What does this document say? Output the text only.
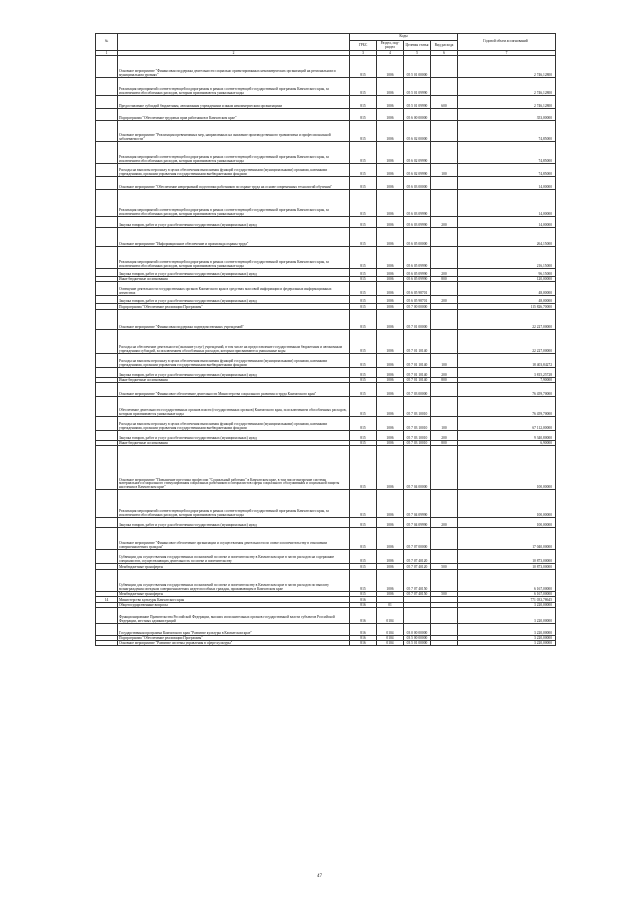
№		Коды				Годовой объем ассигнований
		ГРБС	Раздел, под-раздел	Целевая статья	Вид расхода	
1	2	3	4	5	6	7
	Основное мероприятие "Финансовая поддержка деятельности социально ориентированных некоммерческих организаций на региональном и муниципальном уровнях"	815	1006	05 5 01 00000		2 746,12800
	Реализация мероприятий соответствующей подпрограммы в рамках соответствующей государственной программы Камчатского края, за исключением обособленных расходов, которым присваиваются уникальные коды	815	1006	05 5 01 09990		2 746,12800
	Предоставление субсидий бюджетным, автономным учреждениям и иным некоммерческим организациям	815	1006	05 5 01 09990	600	2 746,12800
	Подпрограмма "Обеспечение трудовых прав работников в Камчатском крае"	815	1006	05 6 00 00000		353,00000
	Основное мероприятие "Реализация превентивных мер, направленных на снижение производственного травматизма и профессиональной заболеваемости"	815	1006	05 6 02 00000		74,85000
	Реализация мероприятий соответствующей подпрограммы в рамках соответствующей государственной программы Камчатского края, за исключением обособленных расходов, которым присваиваются уникальные коды	815	1006	05 6 02 09990		74,85000
	Расходы на выплаты персоналу в целях обеспечения выполнения функций государственными (муниципальными) органами, казенными учреждениями, органами управления государственными внебюджетными фондами	815	1006	05 6 02 09990	100	74,85000
	Основное мероприятие "Обеспечение непрерывной подготовки работников по охране труда на основе современных технологий обучения"	815	1006	05 6 03 00000		14,00000
	Реализация мероприятий соответствующей подпрограммы в рамках соответствующей государственной программы Камчатского края, за исключением обособленных расходов, которым присваиваются уникальные коды	815	1006	05 6 03 09990		14,00000
	Закупка товаров, работ и услуг для обеспечения государственных (муниципальных) нужд	815	1006	05 6 03 09990	200	14,00000
	Основное мероприятие "Информационное обеспечение и пропаганда охраны труда"	815	1006	05 6 05 00000		264,15000
	Реализация мероприятий соответствующей подпрограммы в рамках соответствующей государственной программы Камчатского края, за исключением обособленных расходов, которым присваиваются уникальные коды	815	1006	05 6 05 09990		216,15000
	Закупка товаров, работ и услуг для обеспечения государственных (муниципальных) нужд	815	1006	05 6 05 09990	200	96,15000
	Иные бюджетные ассигнования	815	1006	05 6 05 09990	800	120,00000
	Освещение деятельности государственных органов Камчатского края в средствах массовой информации и федеральных информационных агентствах	815	1006	05 6 05 98701		48,00000
	Закупка товаров, работ и услуг для обеспечения государственных (муниципальных) нужд	815	1006	05 6 05 98701	200	48,00000
	Подпрограмма "Обеспечение реализации Программы"	815	1006	05 7 00 00000		115 826,70000
	Основное мероприятие "Финансовая поддержка подведомственных учреждений"	815	1006	05 7 01 00000		22 227,00000
	Расходы на обеспечение деятельности (оказание услуг) учреждений, в том числе на предоставление государственным бюджетным и автономным учреждениям субсидий, за исключением обособленных расходов, которым присваиваются уникальные коды	815	1006	05 7 01 10140		22 227,00000
	Расходы на выплаты персоналу в целях обеспечения выполнения функций государственными (муниципальными) органами, казенными учреждениями, органами управления государственными внебюджетными фондами	815	1006	05 7 01 10140	100	18 403,84272
	Закупка товаров, работ и услуг для обеспечения государственных (муниципальных) нужд	815	1006	05 7 01 10140	200	3 815,25728
	Иные бюджетные ассигнования	815	1006	05 7 01 10140	800	7,90000
	Основное мероприятие "Финансовое обеспечение деятельности Министерства социального развития и труда Камчатского края"	815	1006	05 7 03 00000		76 459,70000
	Обеспечение деятельности государственных органов власти (государственных органов) Камчатского края, за исключением обособленных расходов, которым присваиваются уникальные коды	815	1006	05 7 03 10010		76 459,70000
	Расходы на выплаты персоналу в целях обеспечения выполнения функций государственными (муниципальными) органами, казенными учреждениями, органами управления государственными внебюджетными фондами	815	1006	05 7 03 10010	100	67 112,00000
	Закупка товаров, работ и услуг для обеспечения государственных (муниципальных) нужд	815	1006	05 7 03 10010	200	9 340,80000
	Иные бюджетные ассигнования	815	1006	05 7 03 10010	800	6,90000
	Основное мероприятие "Повышение престижа профессии "Социальный работник" в Камчатском крае, в том числе внедрение системы материального и морального стимулирования социальных работников и специалистов сферы социального обслуживания и социальной защиты населения в Камчатском крае"	815	1006	05 7 04 00000		100,00000
	Реализация мероприятий соответствующей подпрограммы в рамках соответствующей государственной программы Камчатского края, за исключением обособленных расходов, которым присваиваются уникальные коды	815	1006	05 7 04 09990		100,00000
	Закупка товаров, работ и услуг для обеспечения государственных (муниципальных) нужд	815	1006	05 7 04 09990	200	100,00000
	Основное мероприятие "Финансовое обеспечение организации и осуществления деятельности по опеке и попечительству в отношении совершеннолетних граждан"	815	1006	05 7 07 00000		17 040,00000
	Субвенции для осуществления государственных полномочий по опеке и попечительству в Камчатском крае в части расходов на содержание специалистов, осуществляющих деятельность по опеке и попечительству	815	1006	05 7 07 40120		10 873,00000
	Межбюджетные трансферты	815	1006	05 7 07 40120	500	10 873,00000
	Субвенции для осуществления государственных полномочий по опеке и попечительству в Камчатском крае в части расходов по выплату вознаграждения опекунам совершеннолетних недееспособных граждан, проживающим в Камчатском крае	815	1006	05 7 07 40150		6 167,00000
	Межбюджетные трансферты	815	1006	05 7 07 40150	500	6 167,00000
14	Министерство культуры Камчатского края	816				771 033,78645
	Общегосударственные вопросы	816	01			3 220,00000
	Функционирование Правительства Российской Федерации, высших исполнительных органов государственной власти субъектов Российской Федерации, местных администраций	816	0104			3 220,00000
	Государственная программа Камчатского края "Развитие культуры в Камчатском крае"	816	0104	03 0 00 00000		3 220,00000
	Подпрограмма "Обеспечение реализации Программы"	816	0104	03 5 00 00000		3 220,00000
	Основное мероприятие "Развитие системы управления в сфере культуры"	816	0104	03 5 01 00000		3 220,00000
47
